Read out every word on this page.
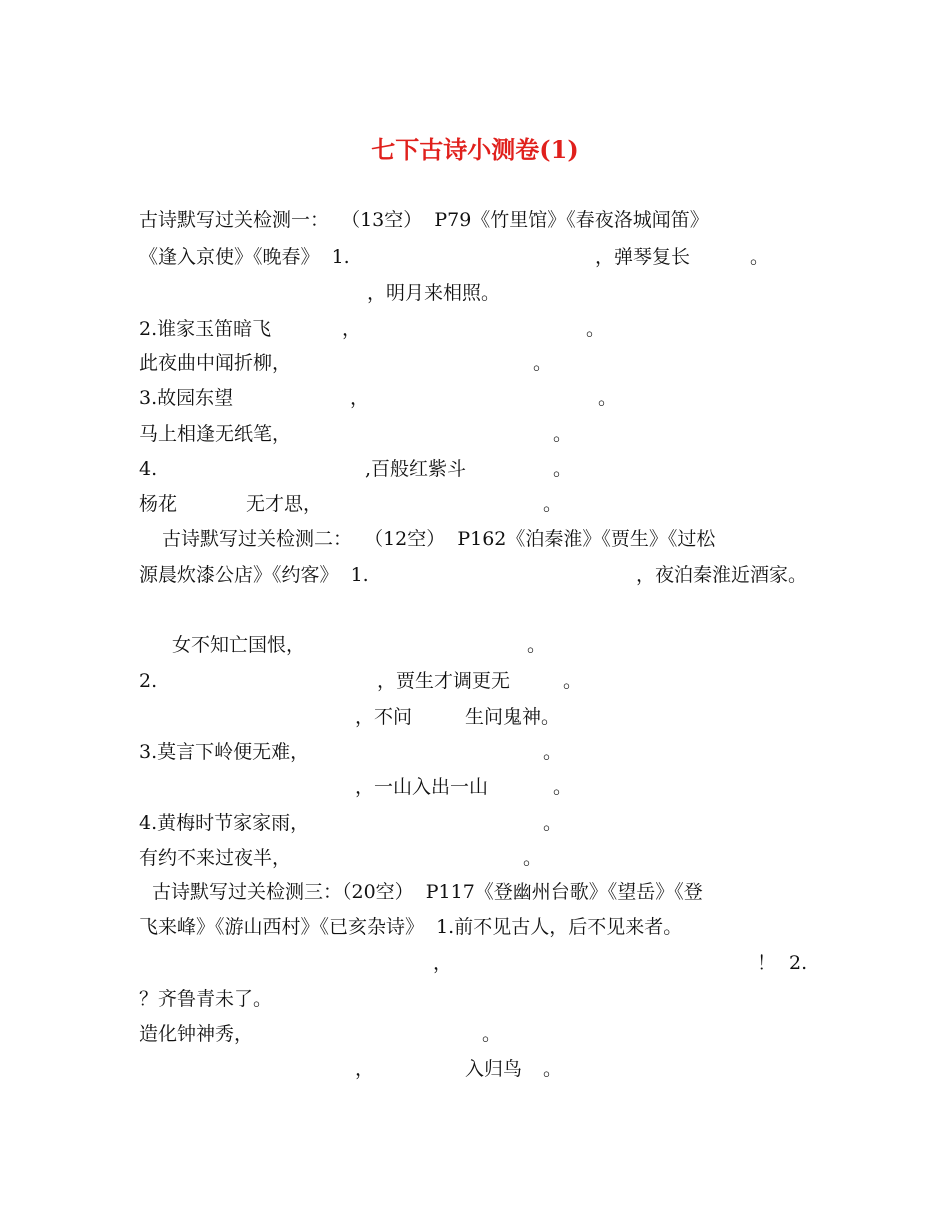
七下古诗小测卷(1)
古诗默写过关检测一：  （13空）  P79《竹里馆》《春夜洛城闻笛》
《逢入京使》《晚春》  1.	，弹琴复长	。
，明月来相照。
2.谁家玉笛暗飞	，	。
此夜曲中闻折柳，	。
3.故园东望	，	。
马上相逢无纸笔，	。
4.	,百般红紫斗	。
杨花	无才思，	。
古诗默写过关检测二：  （12空）  P162《泊秦淮》《贾生》《过松
源晨炊漆公店》《约客》  1.	，夜泊秦淮近酒家。
女不知亡国恨，	。
2.	，贾生才调更无	。
，不问	生问鬼神。
3.莫言下岭便无难，	。
，一山入出一山	。
4.黄梅时节家家雨，	。
有约不来过夜半，	。
古诗默写过关检测三：（20空）  P117《登幽州台歌》《望岳》《登
飞来峰》《游山西村》《已亥杂诗》  1.前不见古人，后不见来者。
，	！ 2.
？齐鲁青未了。
造化钟神秀，	。
，	入归鸟 。
